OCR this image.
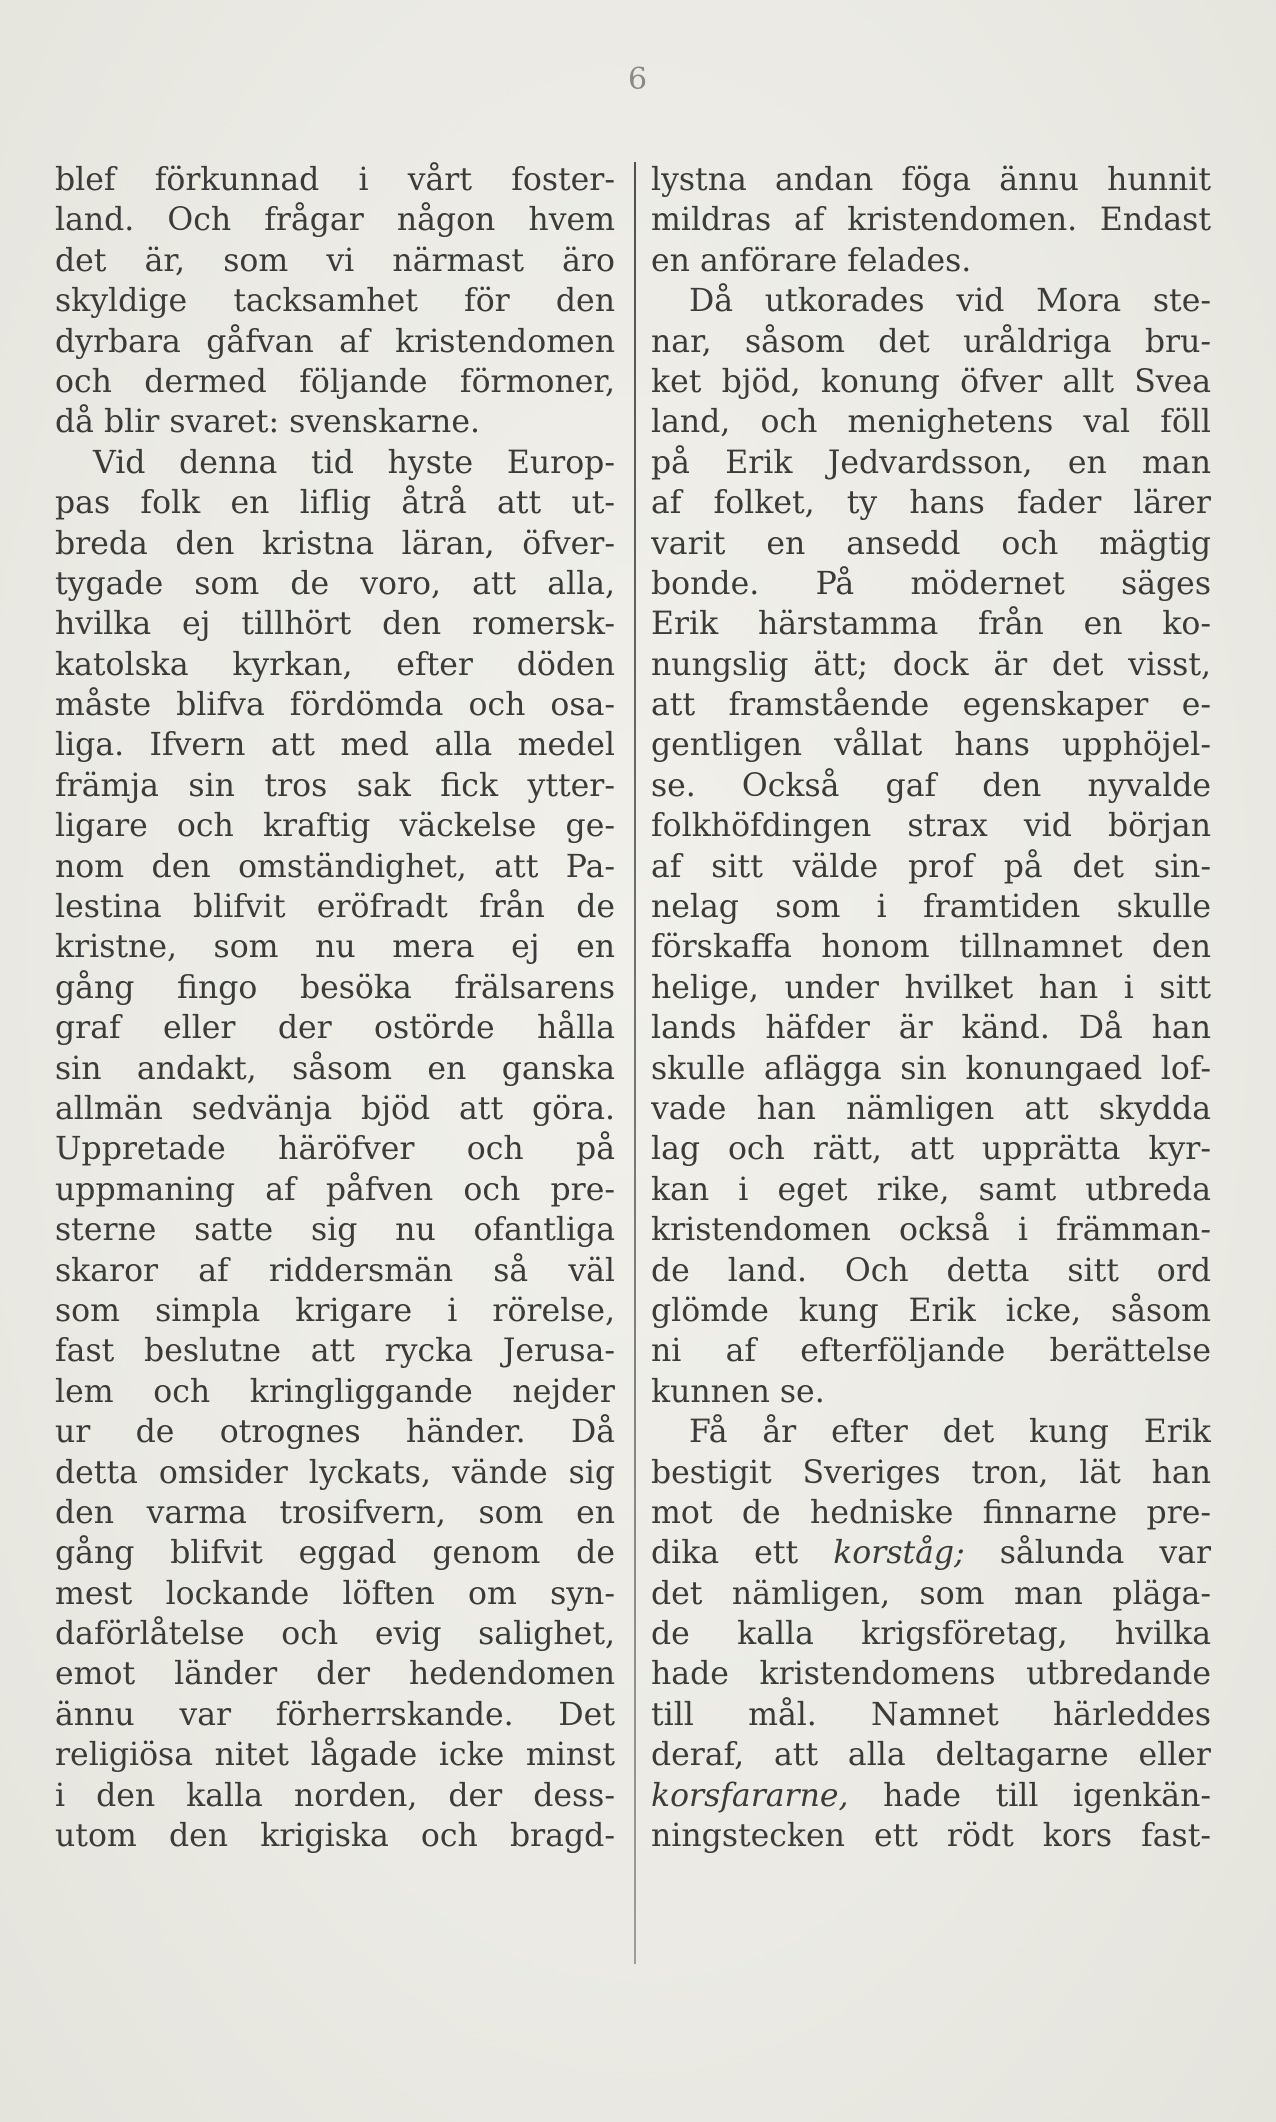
6
blef förkunnad i vårt foster-
land. Och frågar någon hvem
det är, som vi närmast äro
skyldige tacksamhet för den
dyrbara gåfvan af kristendomen
och dermed följande förmoner,
då blir svaret: svenskarne.
Vid denna tid hyste Europ-
pas folk en liflig åtrå att ut-
breda den kristna läran, öfver-
tygade som de voro, att alla,
hvilka ej tillhört den romersk-
katolska kyrkan, efter döden
måste blifva fördömda och osa-
liga. Ifvern att med alla medel
främja sin tros sak fick ytter-
ligare och kraftig väckelse ge-
nom den omständighet, att Pa-
lestina blifvit eröfradt från de
kristne, som nu mera ej en
gång fingo besöka frälsarens
graf eller der ostörde hålla
sin andakt, såsom en ganska
allmän sedvänja bjöd att göra.
Uppretade häröfver och på
uppmaning af påfven och pre-
sterne satte sig nu ofantliga
skaror af riddersmän så väl
som simpla krigare i rörelse,
fast beslutne att rycka Jerusa-
lem och kringliggande nejder
ur de otrognes händer. Då
detta omsider lyckats, vände sig
den varma trosifvern, som en
gång blifvit eggad genom de
mest lockande löften om syn-
daförlåtelse och evig salighet,
emot länder der hedendomen
ännu var förherrskande. Det
religiösa nitet lågade icke minst
i den kalla norden, der dess-
utom den krigiska och bragd-
lystna andan föga ännu hunnit
mildras af kristendomen. Endast
en anförare felades.
Då utkorades vid Mora ste-
nar, såsom det uråldriga bru-
ket bjöd, konung öfver allt Svea
land, och menighetens val föll
på Erik Jedvardsson, en man
af folket, ty hans fader lärer
varit en ansedd och mägtig
bonde. På mödernet säges
Erik härstamma från en ko-
nungslig ätt; dock är det visst,
att framstående egenskaper e-
gentligen vållat hans upphöjel-
se. Också gaf den nyvalde
folkhöfdingen strax vid början
af sitt välde prof på det sin-
nelag som i framtiden skulle
förskaffa honom tillnamnet den
helige, under hvilket han i sitt
lands häfder är känd. Då han
skulle aflägga sin konungaed lof-
vade han nämligen att skydda
lag och rätt, att upprätta kyr-
kan i eget rike, samt utbreda
kristendomen också i främman-
de land. Och detta sitt ord
glömde kung Erik icke, såsom
ni af efterföljande berättelse
kunnen se.
Få år efter det kung Erik
bestigit Sveriges tron, lät han
mot de hedniske finnarne pre-
dika ett korståg; sålunda var
det nämligen, som man pläga-
de kalla krigsföretag, hvilka
hade kristendomens utbredande
till mål. Namnet härleddes
deraf, att alla deltagarne eller
korsfararne, hade till igenkän-
ningstecken ett rödt kors fast-
